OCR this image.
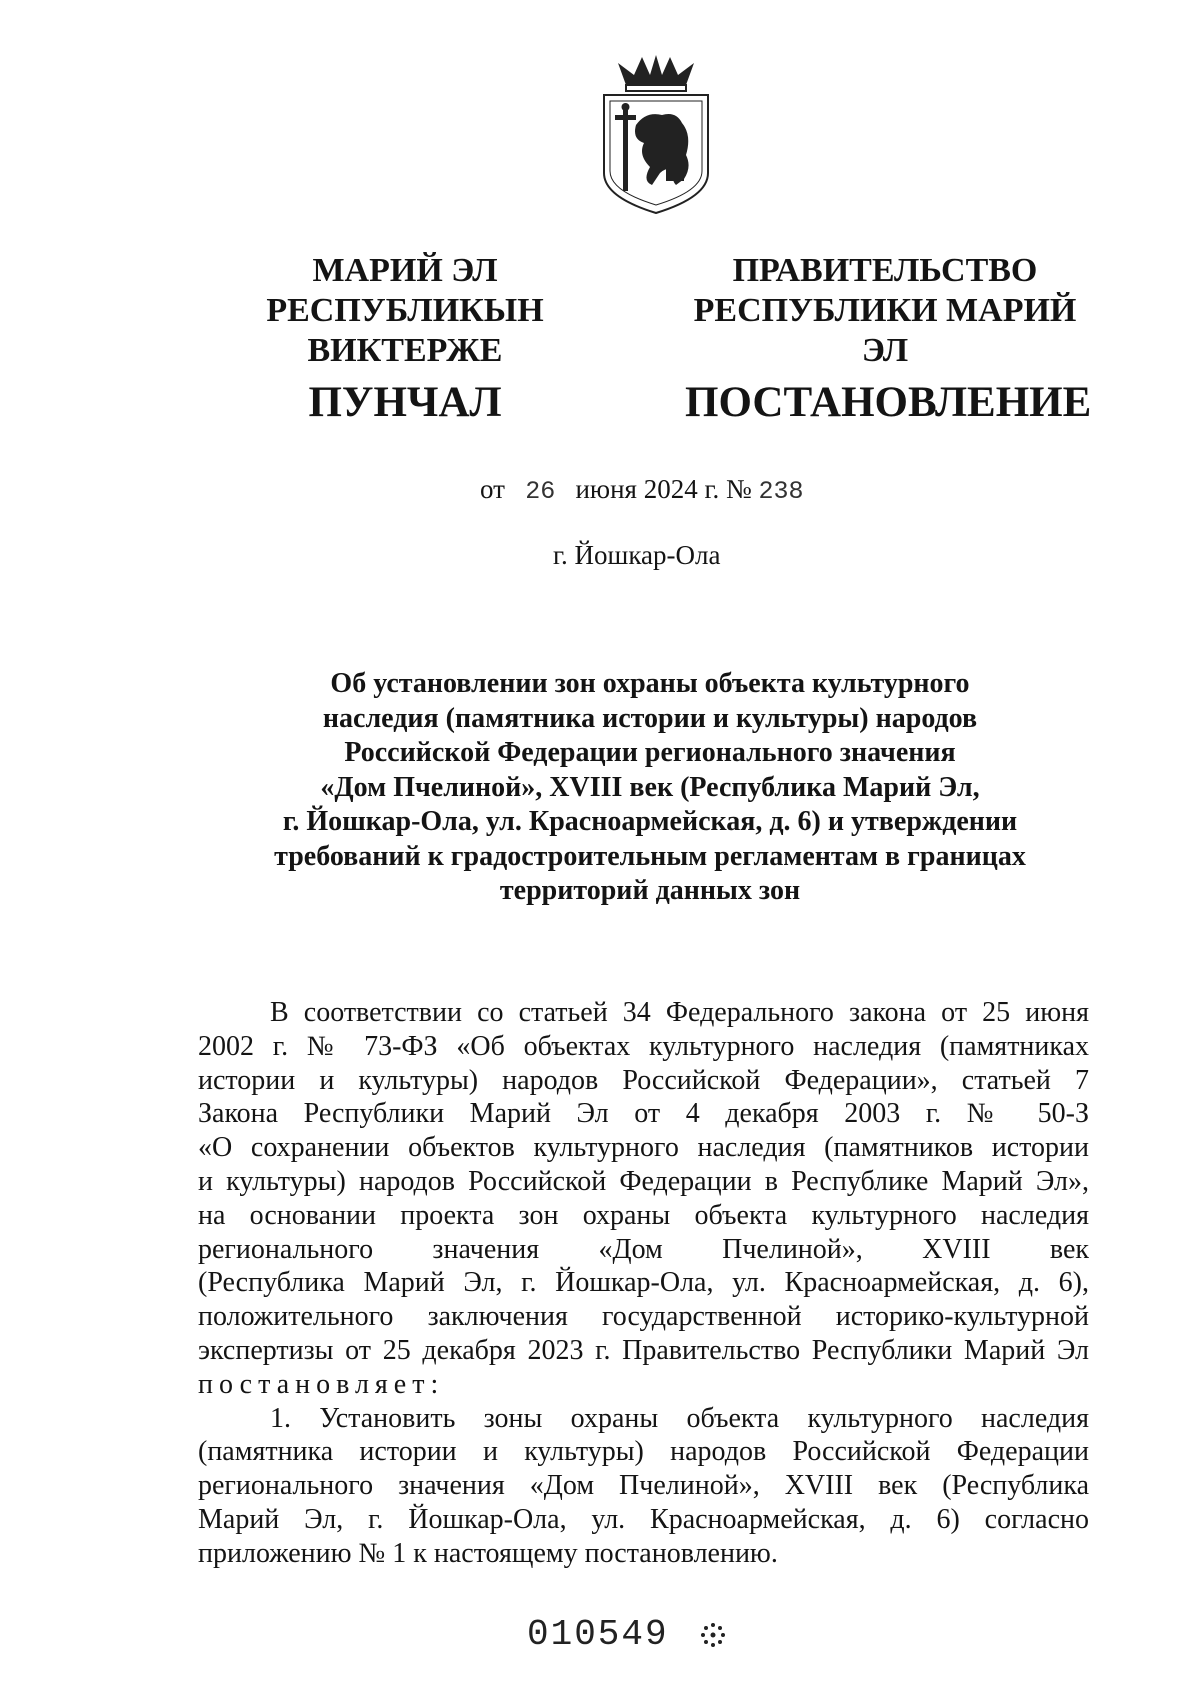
МАРИЙ ЭЛ РЕСПУБЛИКЫН
ВИКТЕРЖЕ
ПУНЧАЛ
ПРАВИТЕЛЬСТВО
РЕСПУБЛИКИ МАРИЙ ЭЛ
ПОСТАНОВЛЕНИЕ
от 26 июня 2024 г. № 238
г. Йошкар-Ола
Об установлении зон охраны объекта культурного
наследия (памятника истории и культуры) народов
Российской Федерации регионального значения
«Дом Пчелиной», XVIII век (Республика Марий Эл,
г. Йошкар-Ола, ул. Красноармейская, д. 6) и утверждении
требований к градостроительным регламентам в границах
территорий данных зон
В соответствии со статьей 34 Федерального закона от 25 июня
2002 г. № 73-ФЗ «Об объектах культурного наследия (памятниках
истории и культуры) народов Российской Федерации», статьей 7
Закона Республики Марий Эл от 4 декабря 2003 г. № 50-З
«О сохранении объектов культурного наследия (памятников истории
и культуры) народов Российской Федерации в Республике Марий Эл»,
на основании проекта зон охраны объекта культурного наследия
регионального значения «Дом Пчелиной», XVIII век
(Республика Марий Эл, г. Йошкар-Ола, ул. Красноармейская, д. 6),
положительного заключения государственной историко-культурной
экспертизы от 25 декабря 2023 г. Правительство Республики Марий Эл
постановляет:
1. Установить зоны охраны объекта культурного наследия
(памятника истории и культуры) народов Российской Федерации
регионального значения «Дом Пчелиной», XVIII век (Республика
Марий Эл, г. Йошкар-Ола, ул. Красноармейская, д. 6) согласно
приложению № 1 к настоящему постановлению.
010549
